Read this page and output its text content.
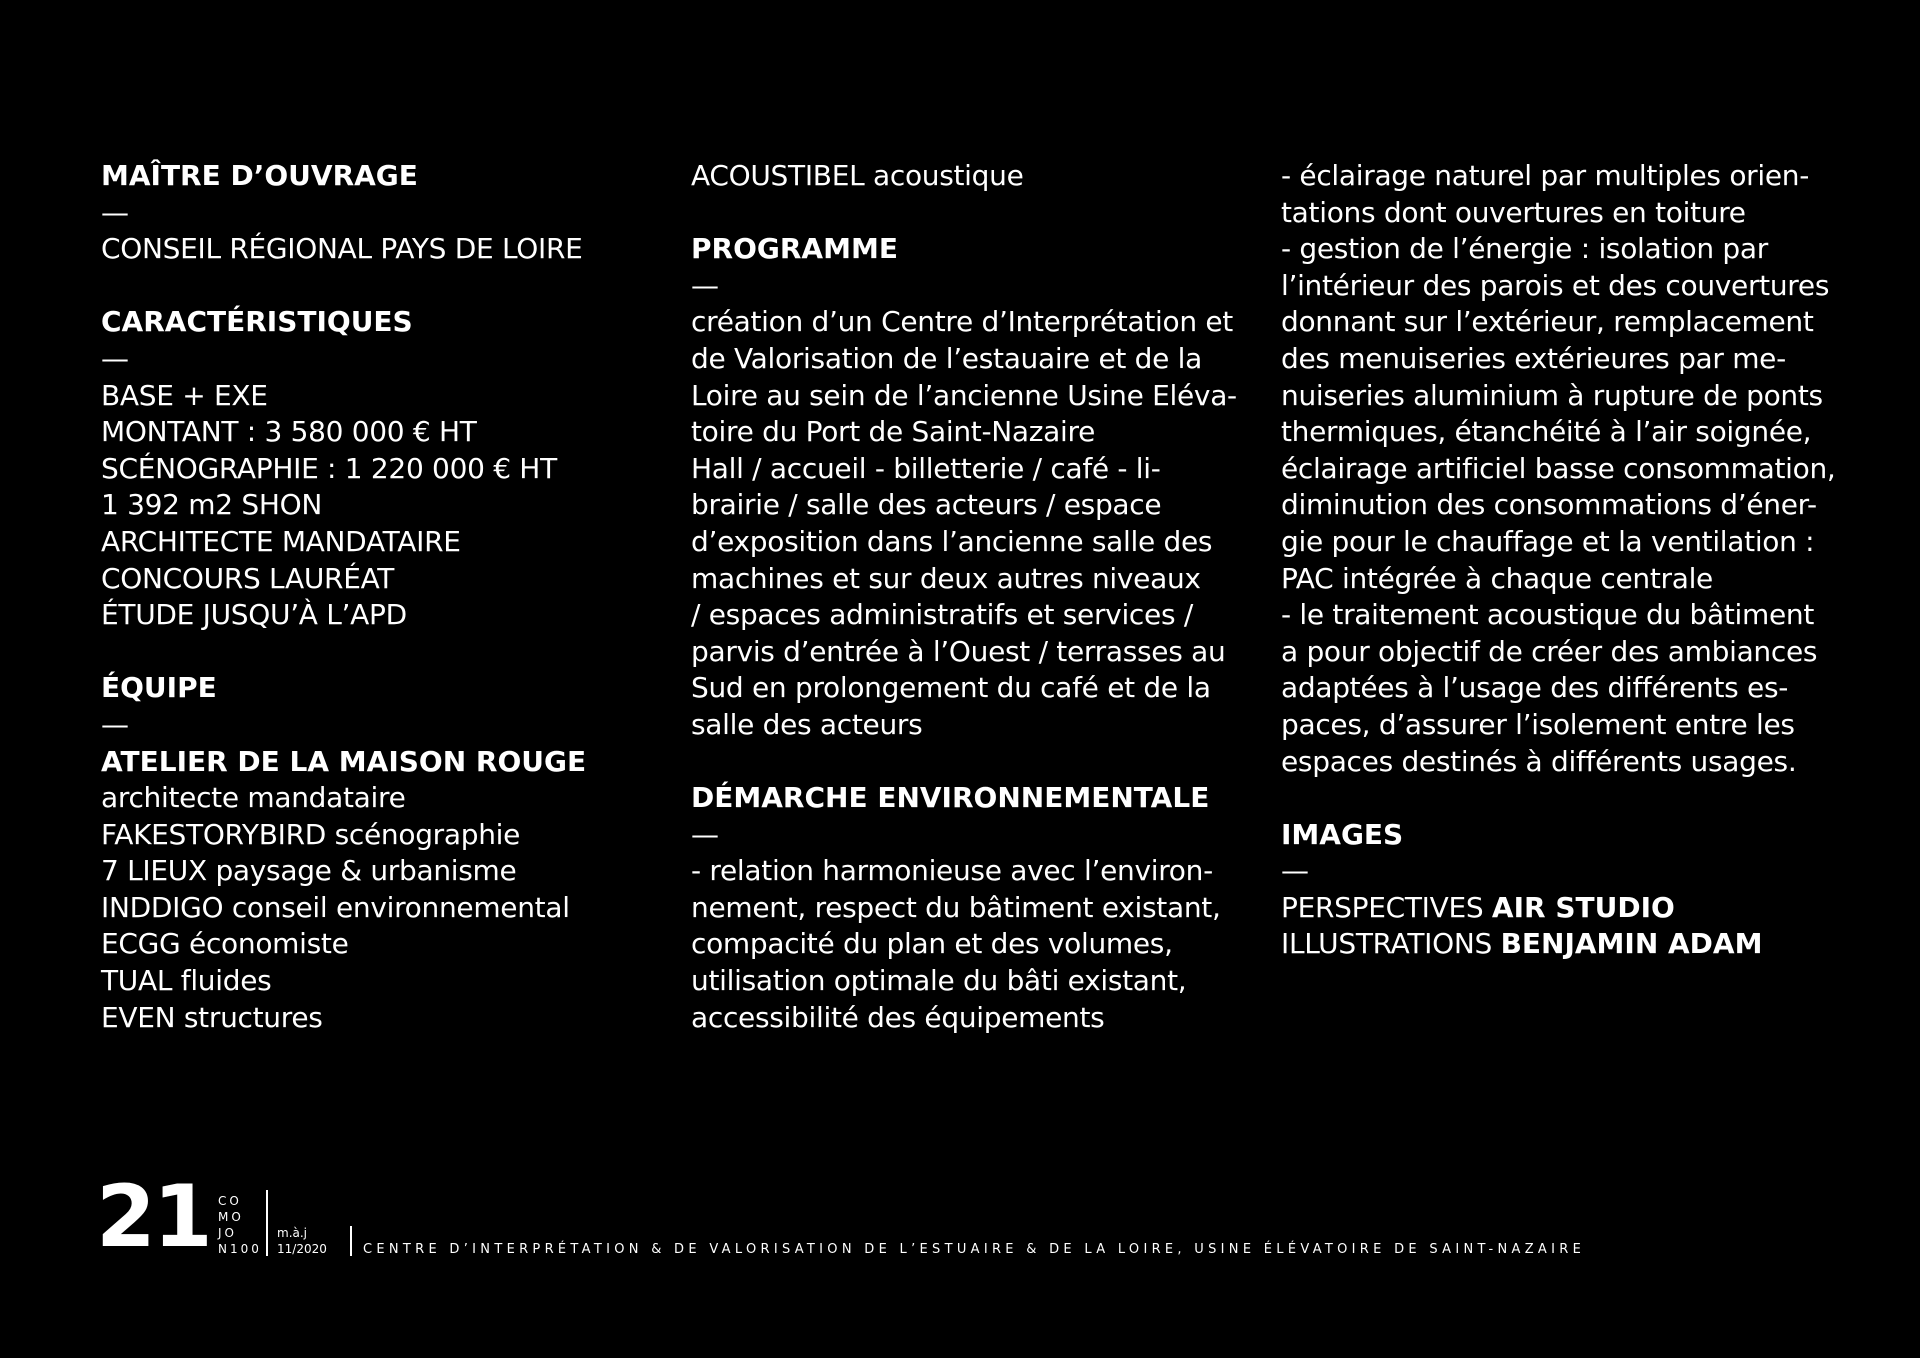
MAÎTRE D’OUVRAGE
—
CONSEIL RÉGIONAL PAYS DE LOIRE
CARACTÉRISTIQUES
—
BASE + EXE
MONTANT : 3 580 000 € HT
SCÉNOGRAPHIE : 1 220 000 € HT
1 392 m2 SHON
ARCHITECTE MANDATAIRE
CONCOURS LAURÉAT
ÉTUDE JUSQU’À L’APD
ÉQUIPE
—
ATELIER DE LA MAISON ROUGE
architecte mandataire
FAKESTORYBIRD scénographie
7 LIEUX paysage & urbanisme
INDDIGO conseil environnemental
ECGG économiste
TUAL fluides
EVEN structures
ACOUSTIBEL acoustique
PROGRAMME
—
création d’un Centre d’Interprétation et
de Valorisation de l’estauaire et de la
Loire au sein de l’ancienne Usine Eléva-
toire du Port de Saint-Nazaire
Hall / accueil - billetterie / café - li-
brairie / salle des acteurs / espace
d’exposition dans l’ancienne salle des
machines et sur deux autres niveaux
/ espaces administratifs et services /
parvis d’entrée à l’Ouest / terrasses au
Sud en prolongement du café et de la
salle des acteurs
DÉMARCHE ENVIRONNEMENTALE
—
- relation harmonieuse avec l’environ-
nement, respect du bâtiment existant,
compacité du plan et des volumes,
utilisation optimale du bâti existant,
accessibilité des équipements
- éclairage naturel par multiples orien-
tations dont ouvertures en toiture
- gestion de l’énergie : isolation par
l’intérieur des parois et des couvertures
donnant sur l’extérieur, remplacement
des menuiseries extérieures par me-
nuiseries aluminium à rupture de ponts
thermiques, étanchéité à l’air soignée,
éclairage artificiel basse consommation,
diminution des consommations d’éner-
gie pour le chauffage et la ventilation :
PAC intégrée à chaque centrale
- le traitement acoustique du bâtiment
a pour objectif de créer des ambiances
adaptées à l’usage des différents es-
paces, d’assurer l’isolement entre les
espaces destinés à différents usages.
IMAGES
—
PERSPECTIVES AIR STUDIO
ILLUSTRATIONS BENJAMIN ADAM
21 CO
MO
JO
N100
m.à.j
11/2020	CENTRE D’INTERPRÉTATION & DE VALORISATION DE L’ESTUAIRE & DE LA LOIRE, USINE ÉLÉVATOIRE DE SAINT-NAZAIRE
